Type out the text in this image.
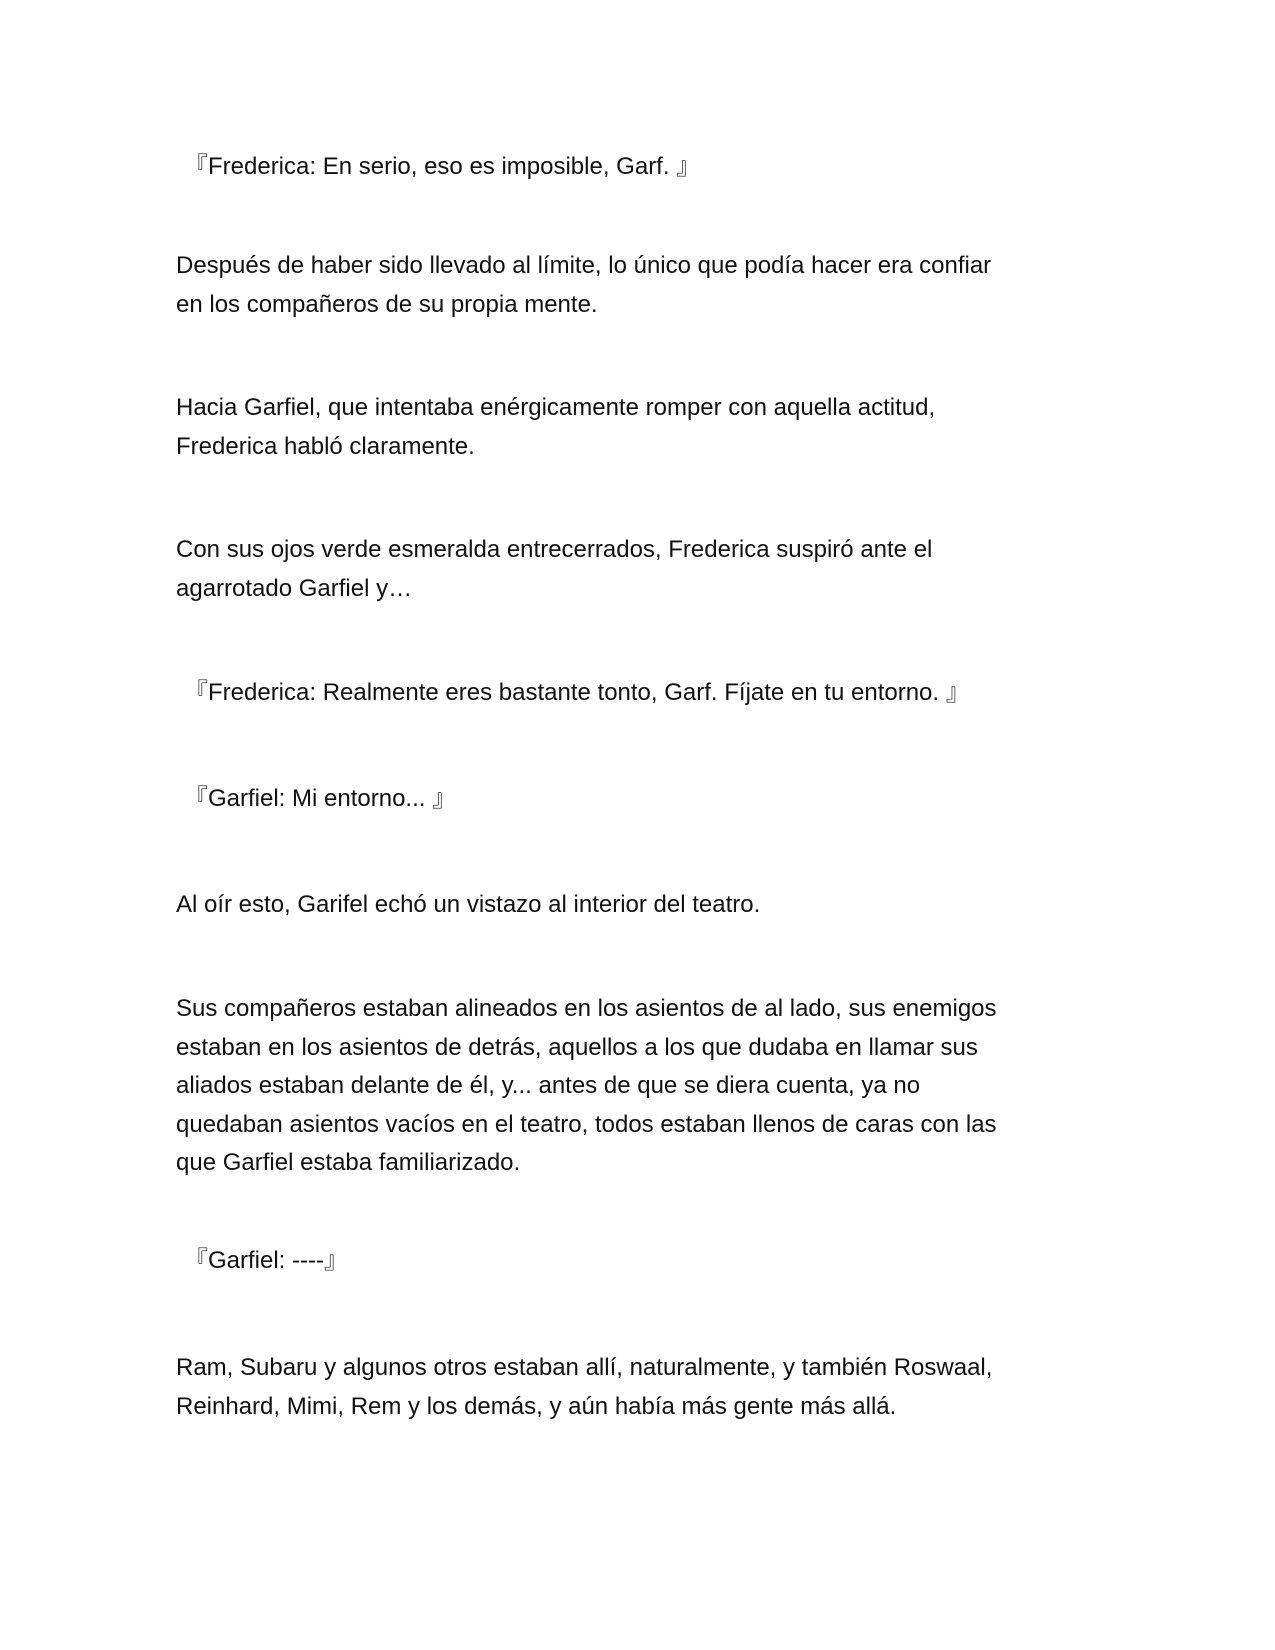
『Frederica: En serio, eso es imposible, Garf. 』

Después de haber sido llevado al límite, lo único que podía hacer era confiar
en los compañeros de su propia mente.

Hacia Garfiel, que intentaba enérgicamente romper con aquella actitud,
Frederica habló claramente.

Con sus ojos verde esmeralda entrecerrados, Frederica suspiró ante el
agarrotado Garfiel y…

『Frederica: Realmente eres bastante tonto, Garf. Fíjate en tu entorno. 』

『Garfiel: Mi entorno... 』

Al oír esto, Garifel echó un vistazo al interior del teatro.

Sus compañeros estaban alineados en los asientos de al lado, sus enemigos
estaban en los asientos de detrás, aquellos a los que dudaba en llamar sus
aliados estaban delante de él, y... antes de que se diera cuenta, ya no
quedaban asientos vacíos en el teatro, todos estaban llenos de caras con las
que Garfiel estaba familiarizado.

『Garfiel: ----』

Ram, Subaru y algunos otros estaban allí, naturalmente, y también Roswaal,
Reinhard, Mimi, Rem y los demás, y aún había más gente más allá.
